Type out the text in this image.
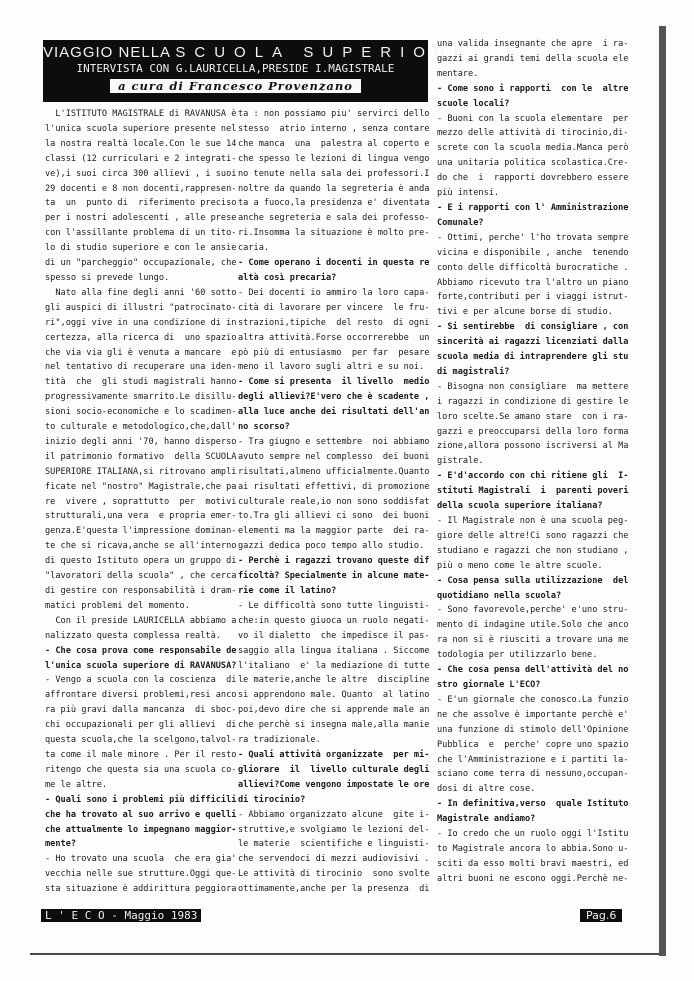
VIAGGIO NELLA SCUOLA SUPERIORE
INTERVISTA CON G.LAURICELLA,PRESIDE I.MAGISTRALE
a cura di Francesco Provenzano

L'ISTITUTO MAGISTRALE di RAVANUSA è

l'unica scuola superiore presente nel

la nostra realtà locale.Con le sue 14

classi (12 curriculari e 2 integrati-

ve),i suoi circa 300 allievi , i suoi

29 docenti e 8 non docenti,rappresen-

ta  un  punto di  riferimento preciso

per i nostri adolescenti , alle prese

con l'assillante problema di un tito-

lo di studio superiore e con le ansie

di un "parcheggio" occupazionale, che

spesso si prevede lungo.

Nato alla fine degli anni '60 sotto

gli auspici di illustri "patrocinato-

ri",oggi vive in una condizione di in

certezza, alla ricerca di  uno spazio

che via via gli è venuta a mancare  e

nel tentativo di recuperare una iden-

tità  che  gli studi magistrali hanno

progressivamente smarrito.Le disillu-

sioni socio-economiche e lo scadimen-

to culturale e metodologico,che,dall'

inizio degli anni '70, hanno disperso

il patrimonio formativo  della SCUOLA

SUPERIORE ITALIANA,si ritrovano ampli

ficate nel "nostro" Magistrale,che pa

re  vivere , soprattutto  per  motivi

strutturali,una vera  e propria emer-

genza.E'questa l'impressione dominan-

te che si ricava,anche se all'interno

di questo Istituto opera un gruppo di

"lavoratori della scuola" , che cerca

di gestire con responsabilità i dram-

matici problemi del momento.

Con il preside LAURICELLA abbiamo a

nalizzato questa complessa realtà.

- Che cosa prova come responsabile de

l'unica scuola superiore di RAVANUSA?

- Vengo a scuola con la coscienza  di

affrontare diversi problemi,resi anco

ra più gravi dalla mancanza  di sboc-

chi occupazionali per gli allievi  di

questa scuola,che la scelgono,talvol-

ta come il male minore . Per il resto

ritengo che questa sia una scuola co-

me le altre.

- Quali sono i problemi più difficili

che ha trovato al suo arrivo e quelli

che attualmente lo impegnano maggior-

mente?

- Ho trovato una scuola  che era gia'

vecchia nelle sue strutture.Oggi que-

sta situazione è addirittura peggiora

ta : non possiamo piu' servirci dello

stesso  atrio interno , senza contare

che manca  una  palestra al coperto e

che spesso le lezioni di lingua vengo

no tenute nella sala dei professori.I

noltre da quando la segreteria è anda

ta a fuoco,la presidenza e' diventata

anche segreteria e sala dei professo-

ri.Insomma la situazione è molto pre-

caria.

- Come operano i docenti in questa re

altà così precaria?

- Dei docenti io ammiro la loro capa-

cità di lavorare per vincere  le fru-

strazioni,tipiche  del resto  di ogni

altra attività.Forse occorrerebbe  un

pò più di entusiasmo  per far  pesare

meno il lavoro sugli altri e su noi.

- Come si presenta  il livello  medio

degli allievi?E'vero che è scadente ,

alla luce anche dei risultati dell'an

no scorso?

- Tra giugno e settembre  noi abbiamo

avuto sempre nel complesso  dei buoni

risultati,almeno ufficialmente.Quanto

ai risultati effettivi, di promozione

culturale reale,io non sono soddisfat

to.Tra gli allievi ci sono  dei buoni

elementi ma la maggior parte  dei ra-

gazzi dedica poco tempo allo studio.

- Perchè i ragazzi trovano queste dif

ficoltà? Specialmente in alcune mate-

rie come il latino?

- Le difficoltà sono tutte linguisti-

che:in questo giuoca un ruolo negati-

vo il dialetto  che impedisce il pas-

saggio alla lingua italiana . Siccome

l'italiano  e' la mediazione di tutte

le materie,anche le altre  discipline

si apprendono male. Quanto  al latino

poi,devo dire che si apprende male an

che perchè si insegna male,alla manie

ra tradizionale.

- Quali attività organizzate  per mi-

gliorare  il  livello culturale degli

allievi?Come vengono impostate le ore

di tirocinio?

- Abbiamo organizzato alcune  gite i-

struttive,e svolgiamo le lezioni del-

le materie  scientifiche e linguisti-

che servendoci di mezzi audiovisivi .

Le attività di tirocinio  sono svolte

ottimamente,anche per la presenza  di

una valida insegnante che apre  i ra-

gazzi ai grandi temi della scuola ele

mentare.

- Come sono i rapporti  con le  altre

scuole locali?

- Buoni con la scuola elementare  per

mezzo delle attività di tirocinio,di-

screte con la scuola media.Manca però

una unitaria politica scolastica.Cre-

do che  i  rapporti dovrebbero essere

più intensi.

- E i rapporti con l' Amministrazione

Comunale?

- Ottimi, perche' l'ho trovata sempre

vicina e disponibile , anche  tenendo

conto delle difficoltà burocratiche .

Abbiamo ricevuto tra l'altro un piano

forte,contributi per i viaggi istrut-

tivi e per alcune borse di studio.

- Si sentirebbe  di consigliare , con

sincerità ai ragazzi licenziati dalla

scuola media di intraprendere gli stu

di magistrali?

- Bisogna non consigliare  ma mettere

i ragazzi in condizione di gestire le

loro scelte.Se amano stare  con i ra-

gazzi e preoccuparsi della loro forma

zione,allora possono iscriversi al Ma

gistrale.

- E'd'accordo con chi ritiene gli  I-

stituti Magistrali  i  parenti poveri

della scuola superiore italiana?

- Il Magistrale non è una scuola peg-

giore delle altre!Ci sono ragazzi che

studiano e ragazzi che non studiano ,

più o meno come le altre scuole.

- Cosa pensa sulla utilizzazione  del

quotidiano nella scuola?

- Sono favorevole,perche' e'uno stru-

mento di indagine utile.Solo che anco

ra non si è riusciti a trovare una me

todologia per utilizzarlo bene.

- Che cosa pensa dell'attività del no

stro giornale L'ECO?

- E'un giornale che conosco.La funzio

ne che assolve è importante perchè e'

una funzione di stimolo dell'Opinione

Pubblica  e  perche' copre uno spazio

che l'Amministrazione e i partiti la-

sciano come terra di nessuno,occupan-

dosi di altre cose.

- In definitiva,verso  quale Istituto

Magistrale andiamo?

- Io credo che un ruolo oggi l'Istitu

to Magistrale ancora lo abbia.Sono u-

sciti da esso molti bravi maestri, ed

altri buoni ne escono oggi.Perchè ne-

L ' E C O - Maggio 1983	Pag.6
